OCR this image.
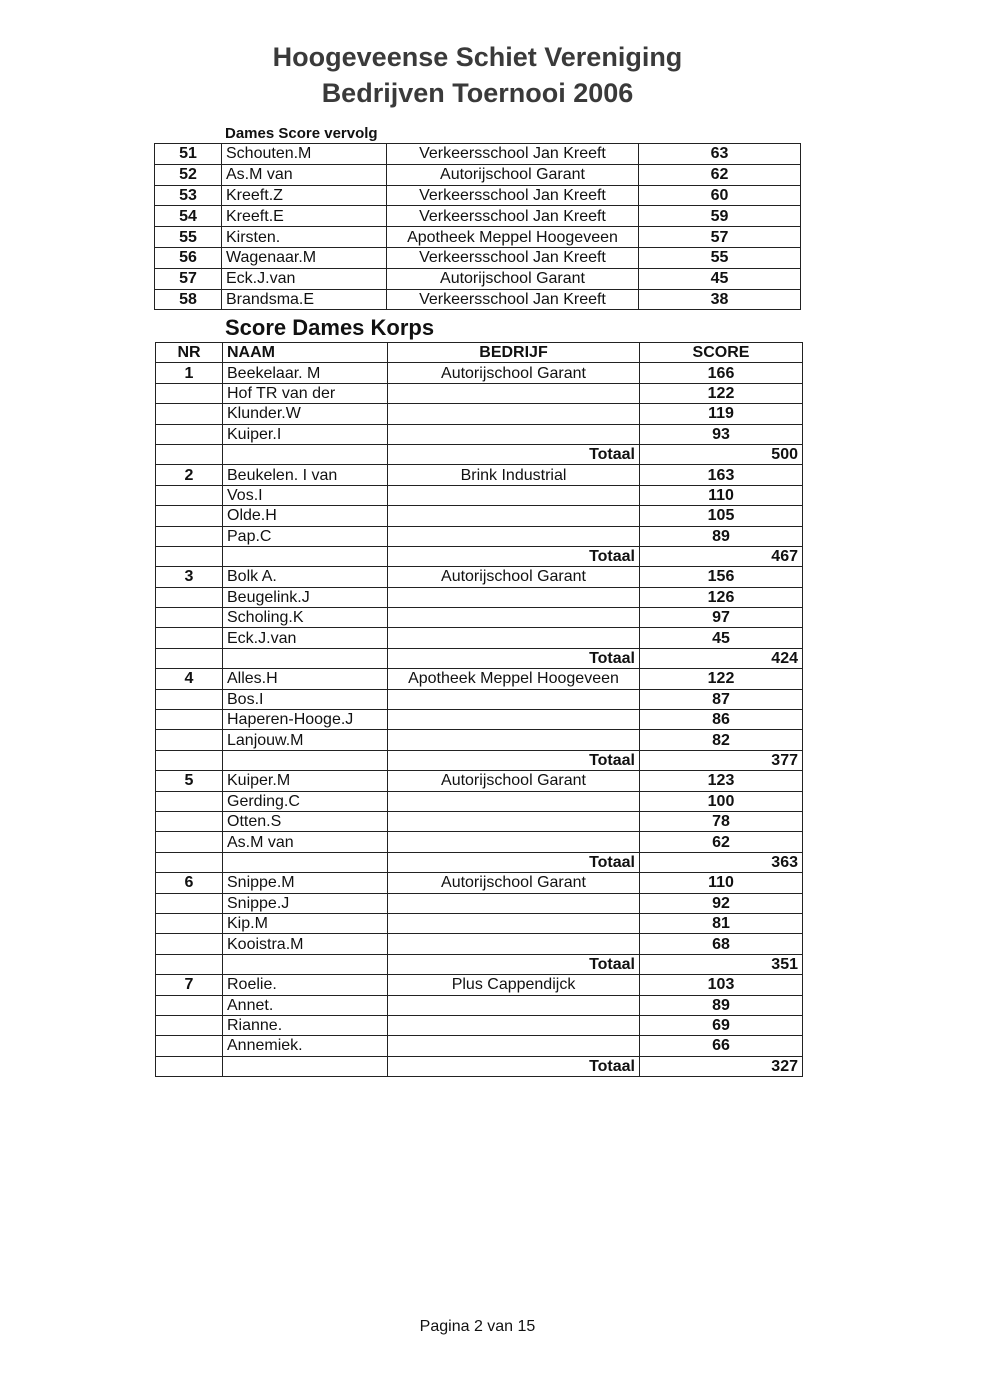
Hoogeveense Schiet Vereniging
Bedrijven Toernooi 2006
Dames Score vervolg
51	Schouten.M	Verkeersschool Jan Kreeft	63
52	As.M van	Autorijschool Garant	62
53	Kreeft.Z	Verkeersschool Jan Kreeft	60
54	Kreeft.E	Verkeersschool Jan Kreeft	59
55	Kirsten.	Apotheek Meppel Hoogeveen	57
56	Wagenaar.M	Verkeersschool Jan Kreeft	55
57	Eck.J.van	Autorijschool Garant	45
58	Brandsma.E	Verkeersschool Jan Kreeft	38
Score Dames Korps
NR	NAAM	BEDRIJF	SCORE
1	Beekelaar. M	Autorijschool Garant	166
	Hof TR van der		122
	Klunder.W		119
	Kuiper.I		93
		Totaal	500
2	Beukelen. I van	Brink Industrial	163
	Vos.I		110
	Olde.H		105
	Pap.C		89
		Totaal	467
3	Bolk A.	Autorijschool Garant	156
	Beugelink.J		126
	Scholing.K		97
	Eck.J.van		45
		Totaal	424
4	Alles.H	Apotheek Meppel Hoogeveen	122
	Bos.I		87
	Haperen-Hooge.J		86
	Lanjouw.M		82
		Totaal	377
5	Kuiper.M	Autorijschool Garant	123
	Gerding.C		100
	Otten.S		78
	As.M van		62
		Totaal	363
6	Snippe.M	Autorijschool Garant	110
	Snippe.J		92
	Kip.M		81
	Kooistra.M		68
		Totaal	351
7	Roelie.	Plus Cappendijck	103
	Annet.		89
	Rianne.		69
	Annemiek.		66
		Totaal	327
Pagina 2 van 15
